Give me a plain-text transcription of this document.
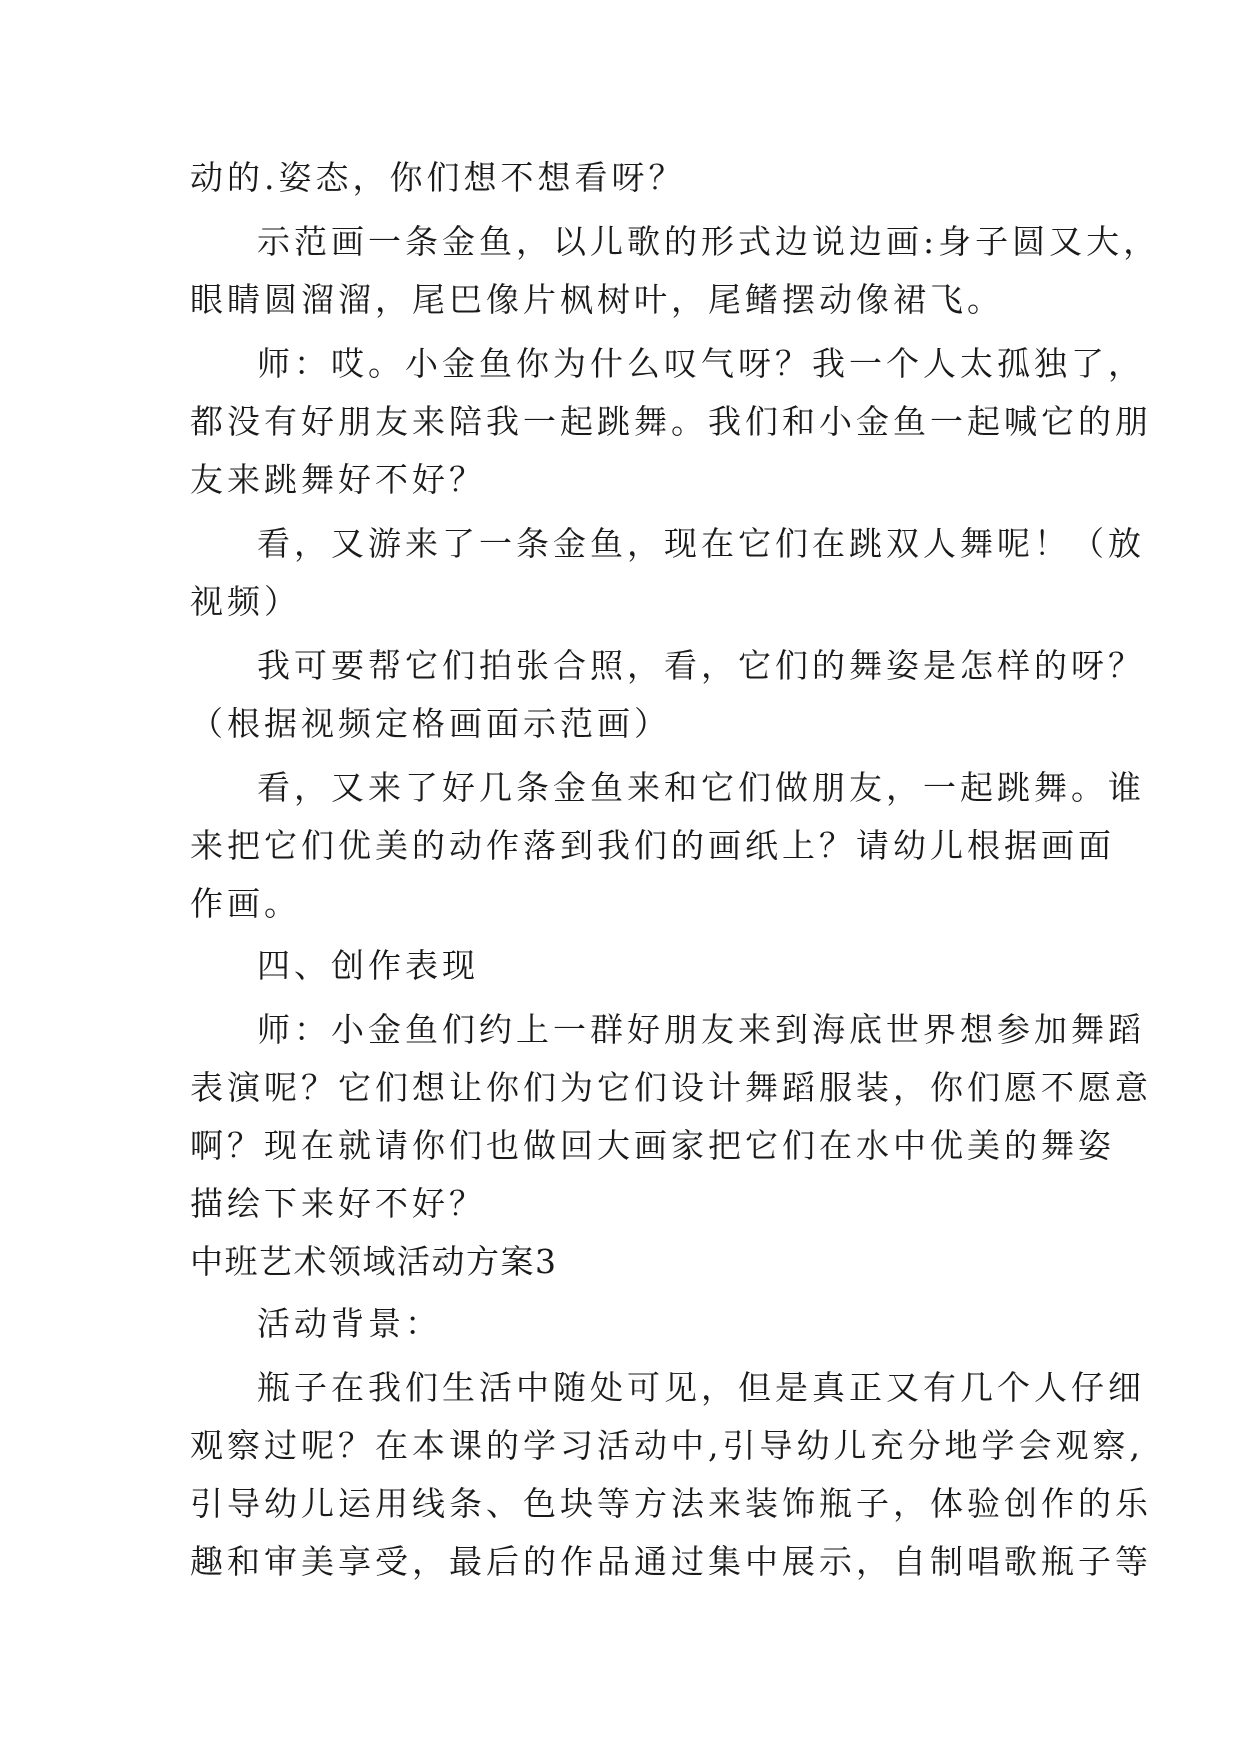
动的.姿态，你们想不想看呀？
示范画一条金鱼，以儿歌的形式边说边画:身子圆又大，
眼睛圆溜溜，尾巴像片枫树叶，尾鳍摆动像裙飞。
师：哎。小金鱼你为什么叹气呀？我一个人太孤独了，
都没有好朋友来陪我一起跳舞。我们和小金鱼一起喊它的朋
友来跳舞好不好？
看，又游来了一条金鱼，现在它们在跳双人舞呢！（放
视频）
我可要帮它们拍张合照，看，它们的舞姿是怎样的呀？
（根据视频定格画面示范画）
看，又来了好几条金鱼来和它们做朋友，一起跳舞。谁
来把它们优美的动作落到我们的画纸上？请幼儿根据画面
作画。
四、创作表现
师：小金鱼们约上一群好朋友来到海底世界想参加舞蹈
表演呢？它们想让你们为它们设计舞蹈服装，你们愿不愿意
啊？现在就请你们也做回大画家把它们在水中优美的舞姿
描绘下来好不好？
中班艺术领域活动方案3
活动背景：
瓶子在我们生活中随处可见，但是真正又有几个人仔细
观察过呢？在本课的学习活动中,引导幼儿充分地学会观察,
引导幼儿运用线条、色块等方法来装饰瓶子，体验创作的乐
趣和审美享受，最后的作品通过集中展示，自制唱歌瓶子等
